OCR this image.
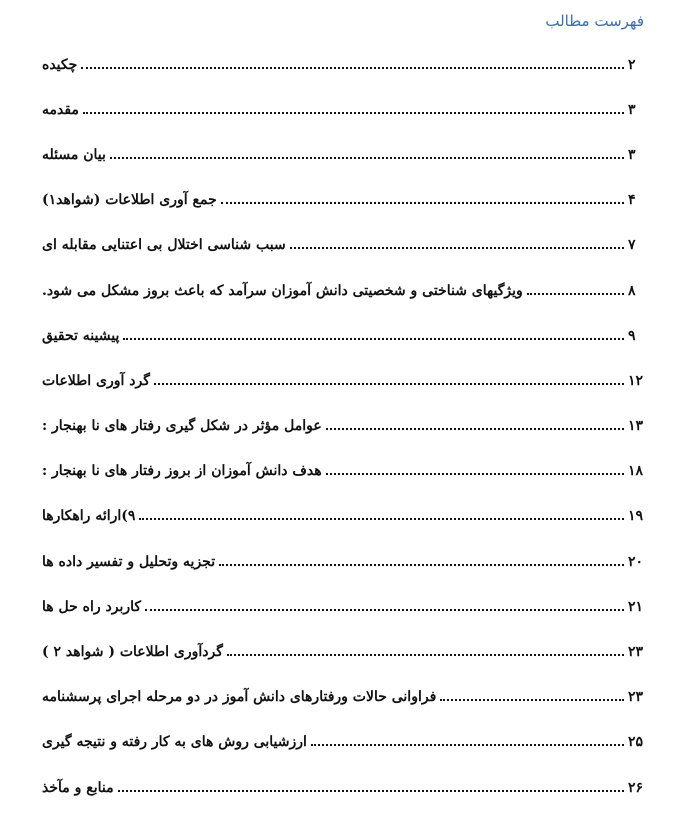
فهرست مطالب
چکیده	۲
مقدمه	۳
بیان مسئله	۳
جمع آوری اطلاعات (شواهد۱)	۴
سبب شناسی اختلال بی اعتنایی مقابله ای	۷
ویژگیهای شناختی و شخصیتی دانش آموزان سرآمد که باعث بروز مشکل می شود.	۸
پیشینه تحقیق	۹
گرد آوری اطلاعات	۱۲
عوامل مؤثر در شکل گیری رفتار های نا بهنجار :	۱۳
هدف دانش آموزان از بروز رفتار های نا بهنجار :	۱۸
۹)ارائه راهکارها	۱۹
تجزیه وتحلیل و تفسیر داده ها	۲۰
کاربرد راه حل ها	۲۱
گردآوری اطلاعات ( شواهد ۲ )	۲۳
فراوانی حالات ورفتارهای دانش آموز در دو مرحله اجرای پرسشنامه	۲۳
ارزشیابی روش های به کار رفته و نتیجه گیری	۲۵
منابع و مآخذ	۲۶
